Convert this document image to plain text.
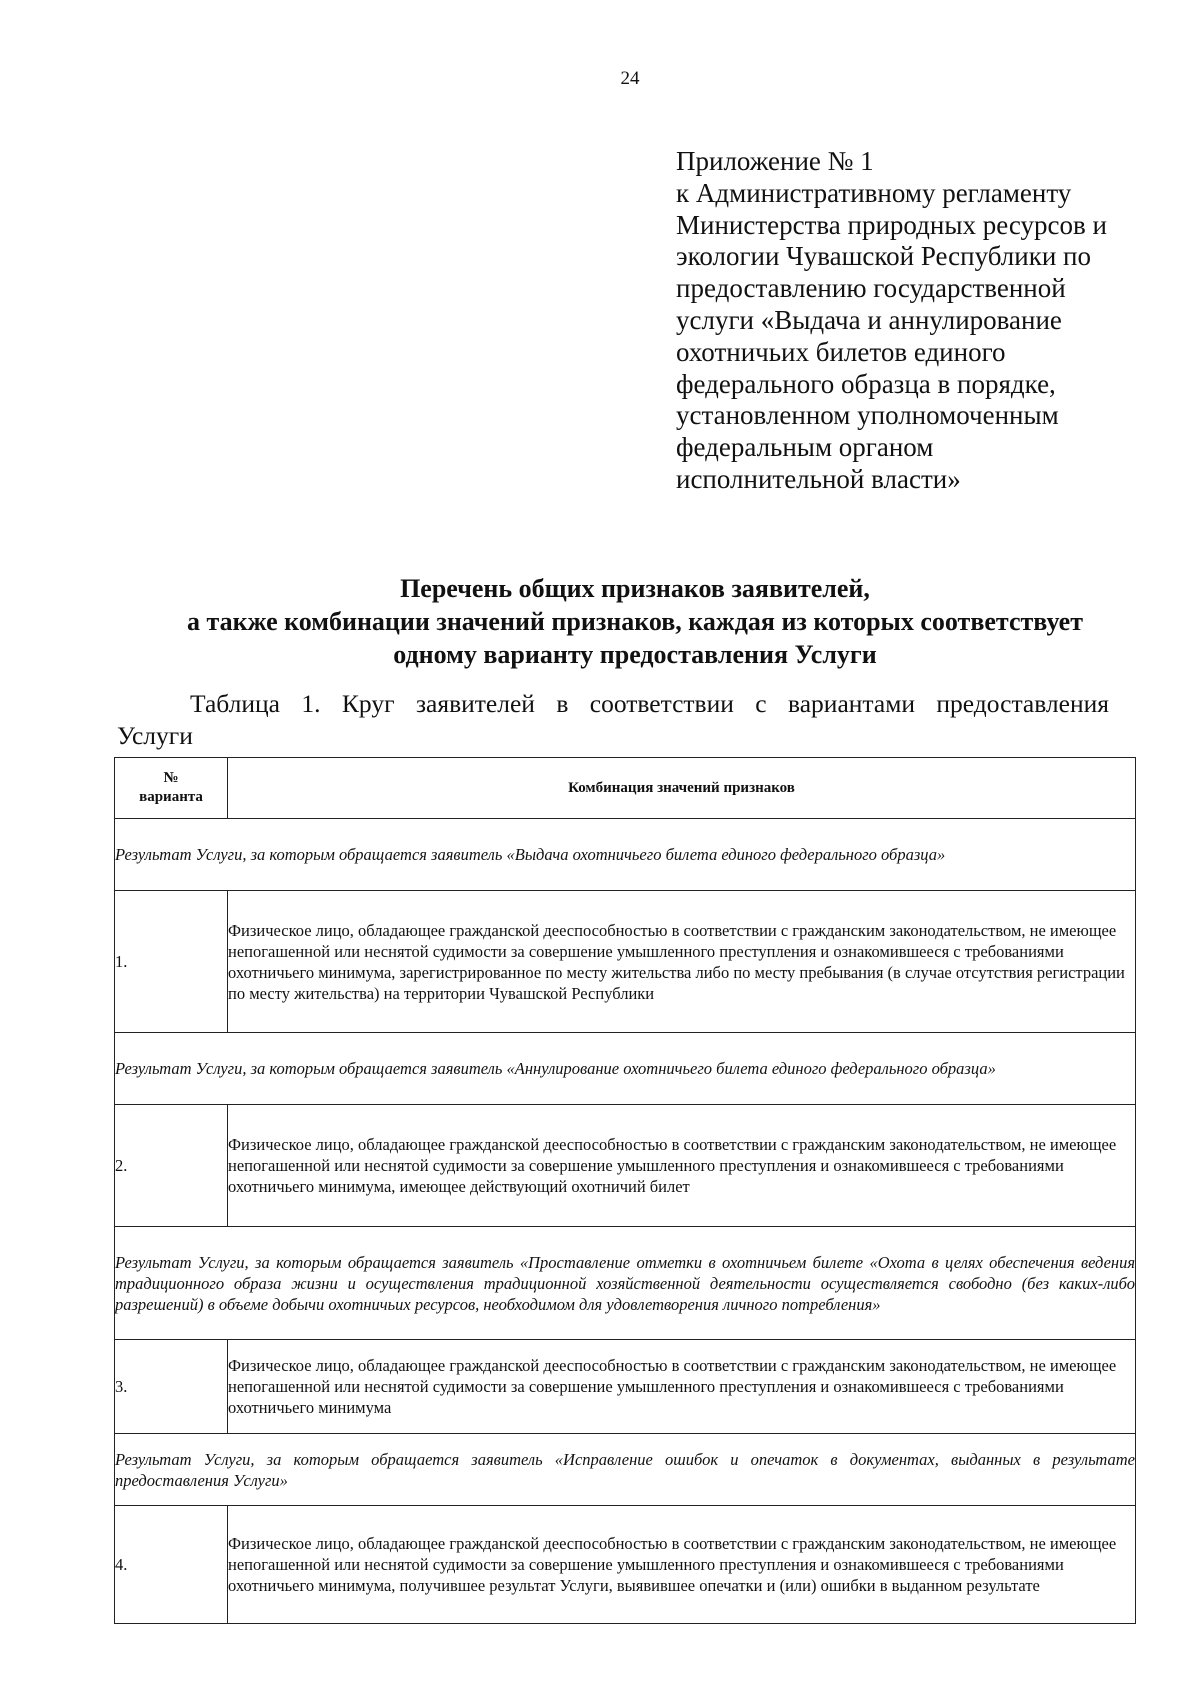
24
Приложение № 1
к Административному регламенту
Министерства природных ресурсов и
экологии Чувашской Республики по
предоставлению государственной
услуги «Выдача и аннулирование
охотничьих билетов единого
федерального образца в порядке,
установленном уполномоченным
федеральным органом
исполнительной власти»
Перечень общих признаков заявителей,
а также комбинации значений признаков, каждая из которых соответствует
одному варианту предоставления Услуги
Таблица 1. Круг заявителей в соответствии с вариантами предоставления
Услуги
№
варианта	Комбинация значений признаков
Результат Услуги, за которым обращается заявитель «Выдача охотничьего билета единого федерального образца»	
1.	Физическое лицо, обладающее гражданской дееспособностью в соответствии с гражданским законодательством, не имеющее непогашенной или неснятой судимости за совершение умышленного преступления и ознакомившееся с требованиями охотничьего минимума, зарегистрированное по месту жительства либо по месту пребывания (в случае отсутствия регистрации по месту жительства) на территории Чувашской Республики
Результат Услуги, за которым обращается заявитель «Аннулирование охотничьего билета единого федерального образца»	
2.	Физическое лицо, обладающее гражданской дееспособностью в соответствии с гражданским законодательством, не имеющее непогашенной или неснятой судимости за совершение умышленного преступления и ознакомившееся с требованиями охотничьего минимума, имеющее действующий охотничий билет
Результат Услуги, за которым обращается заявитель «Проставление отметки в охотничьем билете «Охота в целях обеспечения ведения традиционного образа жизни и осуществления традиционной хозяйственной деятельности осуществляется свободно (без каких-либо разрешений) в объеме добычи охотничьих ресурсов, необходимом для удовлетворения личного потребления»	
3.	Физическое лицо, обладающее гражданской дееспособностью в соответствии с гражданским законодательством, не имеющее непогашенной или неснятой судимости за совершение умышленного преступления и ознакомившееся с требованиями охотничьего минимума
Результат Услуги, за которым обращается заявитель «Исправление ошибок и опечаток в документах, выданных в результате предоставления Услуги»	
4.	Физическое лицо, обладающее гражданской дееспособностью в соответствии с гражданским законодательством, не имеющее непогашенной или неснятой судимости за совершение умышленного преступления и ознакомившееся с требованиями охотничьего минимума, получившее результат Услуги, выявившее опечатки и (или) ошибки в выданном результате
